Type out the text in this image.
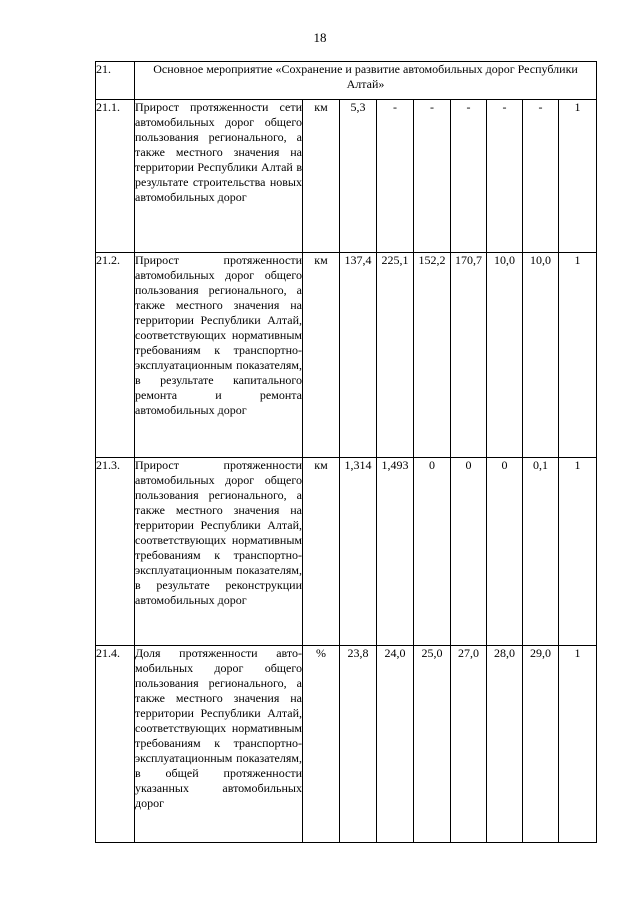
18
21.	Основное мероприятие «Сохранение и развитие автомобильных дорог Республики Алтай»								
21.1.	Прирост протяженности сети автомобильных дорог общего пользования регионального, а также местного значения на территории Республики Алтай в результате строительства новых автомобильных дорог	км	5,3	-	-	-	-	-	1
21.2.	Прирост протяженности автомобильных дорог общего пользования регионального, а также местного значения на территории Республики Алтай, соответствующих нормативным требованиям к транспортно-эксплуатационным показателям, в результате капитального ремонта и ремонта автомобильных дорог	км	137,4	225,1	152,2	170,7	10,0	10,0	1
21.3.	Прирост протяженности автомобильных дорог общего пользования регионального, а также местного значения на территории Республики Алтай, соответствующих нормативным требованиям к транспортно-эксплуатационным показателям, в результате реконструкции автомобильных дорог	км	1,314	1,493	0	0	0	0,1	1
21.4.	Доля протяженности автомобильных дорог общего пользования регионального, а также местного значения на территории Республики Алтай, соответствующих нормативным требованиям к транспортно-эксплуатационным показателям, в общей протяженности указанных автомобильных дорог	%	23,8	24,0	25,0	27,0	28,0	29,0	1
